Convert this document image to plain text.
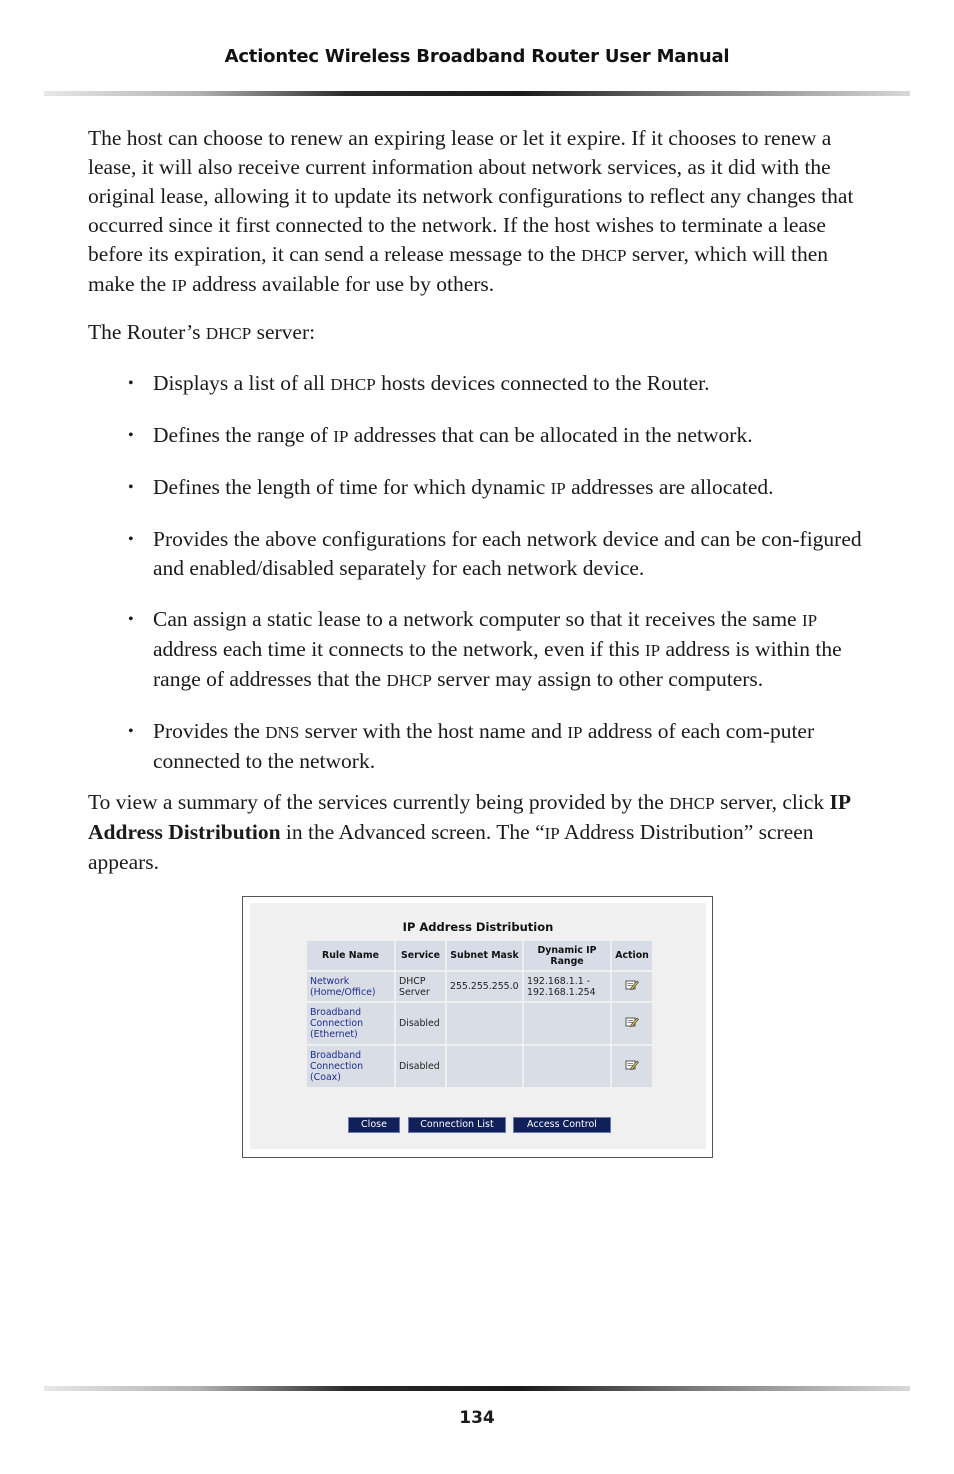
Actiontec Wireless Broadband Router User Manual

The host can choose to renew an expiring lease or let it expire. If it chooses to renew a lease, it will also receive current information about network services, as it did with the original lease, allowing it to update its network configurations to reflect any changes that occurred since it first connected to the network. If the host wishes to terminate a lease before its expiration, it can send a release message to the DHCP server, which will then make the IP address available for use by others.

The Router’s DHCP server:

• Displays a list of all DHCP hosts devices connected to the Router.
• Defines the range of IP addresses that can be allocated in the network.
• Defines the length of time for which dynamic IP addresses are allocated.
• Provides the above configurations for each network device and can be con-figured and enabled/disabled separately for each network device.
• Can assign a static lease to a network computer so that it receives the same IP address each time it connects to the network, even if this IP address is within the range of addresses that the DHCP server may assign to other computers.
• Provides the DNS server with the host name and IP address of each com-puter connected to the network.

To view a summary of the services currently being provided by the DHCP server, click IP Address Distribution in the Advanced screen. The “IP Address Distribution” screen appears.

IP Address Distribution
Rule Name	Service	Subnet Mask	Dynamic IP Range	Action
Network (Home/Office)	DHCP Server	255.255.255.0	192.168.1.1 - 192.168.1.254	
Broadband Connection (Ethernet)	Disabled			
Broadband Connection (Coax)	Disabled			
Close	Connection List	Access Control
134
